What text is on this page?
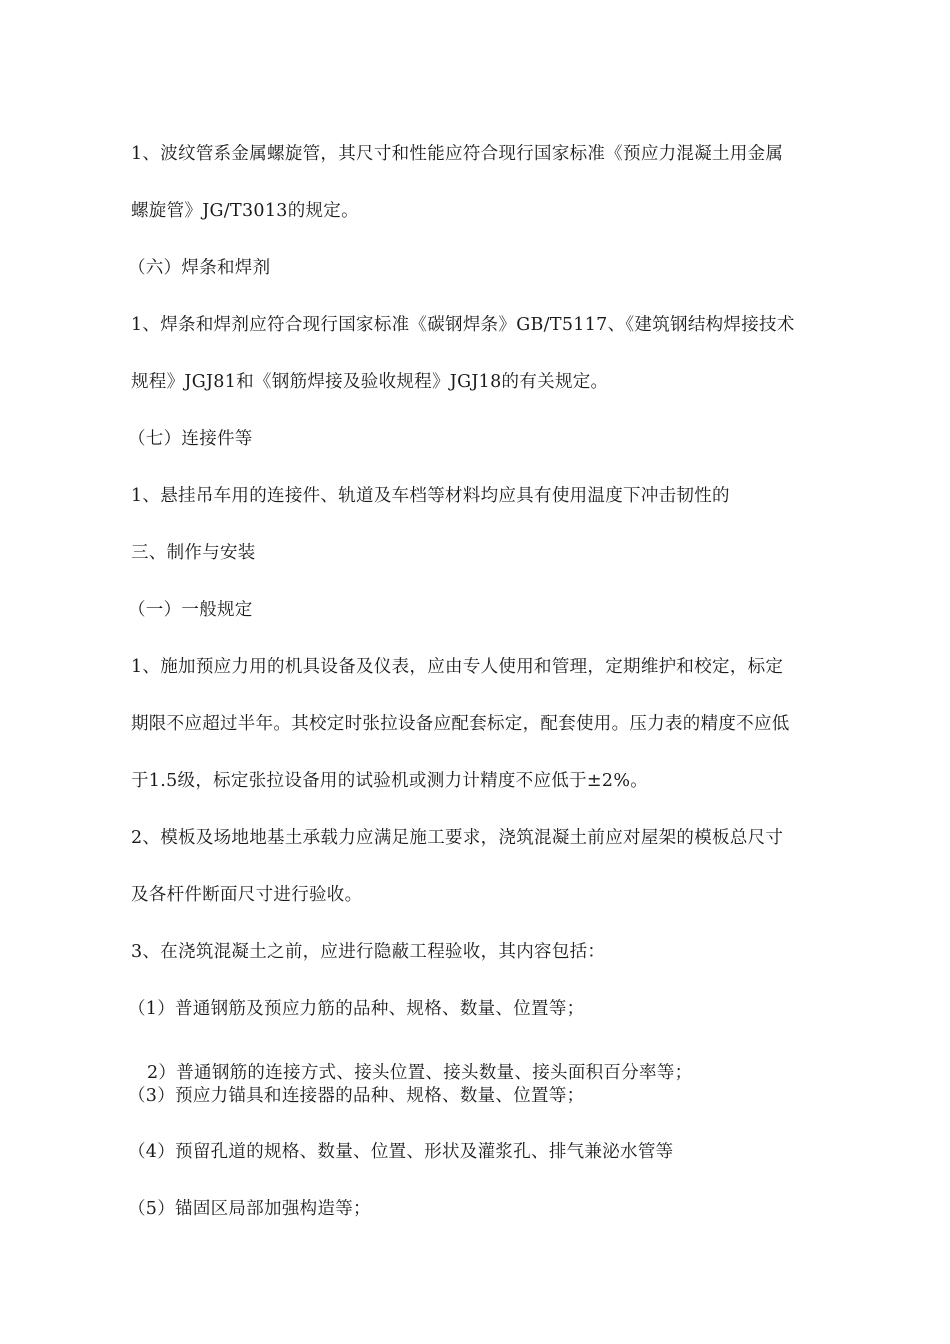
1、波纹管系金属螺旋管，其尺寸和性能应符合现行国家标准《预应力混凝土用金属
螺旋管》JG/T3013的规定。
（六）焊条和焊剂
1、焊条和焊剂应符合现行国家标准《碳钢焊条》GB/T5117、《建筑钢结构焊接技术
规程》JGJ81和《钢筋焊接及验收规程》JGJ18的有关规定。
（七）连接件等
1、悬挂吊车用的连接件、轨道及车档等材料均应具有使用温度下冲击韧性的
三、制作与安装
（一）一般规定
1、施加预应力用的机具设备及仪表，应由专人使用和管理，定期维护和校定，标定
期限不应超过半年。其校定时张拉设备应配套标定，配套使用。压力表的精度不应低
于1.5级，标定张拉设备用的试验机或测力计精度不应低于±2%。
2、模板及场地地基土承载力应满足施工要求，浇筑混凝土前应对屋架的模板总尺寸
及各杆件断面尺寸进行验收。
3、在浇筑混凝土之前，应进行隐蔽工程验收，其内容包括：
（1）普通钢筋及预应力筋的品种、规格、数量、位置等；
2）普通钢筋的连接方式、接头位置、接头数量、接头面积百分率等；
（3）预应力锚具和连接器的品种、规格、数量、位置等；
（4）预留孔道的规格、数量、位置、形状及灌浆孔、排气兼泌水管等
（5）锚固区局部加强构造等；
